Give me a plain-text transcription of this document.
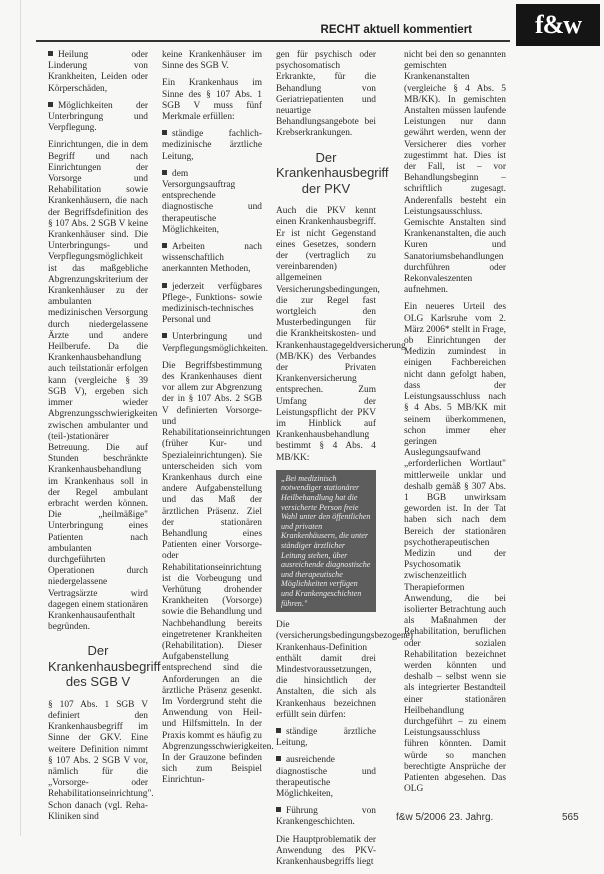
RECHT aktuell kommentiert	f&w

Heilung oder Linderung von Krankheiten, Leiden oder Körperschäden,

Möglichkeiten der Unterbringung und Verpflegung.

Einrichtungen, die in dem Begriff und nach Einrichtungen der Vorsorge und Rehabilitation sowie Krankenhäusern, die nach der Begriffsdefinition des § 107 Abs. 2 SGB V keine Krankenhäuser sind. Die Unterbringungs- und Verpflegungsmöglichkeit ist das maßgebliche Abgrenzungskriterium der Krankenhäuser zu der ambulanten medizinischen Versorgung durch niedergelassene Ärzte und andere Heilberufe. Da die Krankenhausbehandlung auch teilstationär erfolgen kann (vergleiche § 39 SGB V), ergeben sich immer wieder Abgrenzungsschwierigkeiten zwischen ambulanter und (teil-)stationärer Betreuung. Die auf Stunden beschränkte Krankenhausbehandlung im Krankenhaus soll in der Regel ambulant erbracht werden können. Die „heilmäßige" Unterbringung eines Patienten nach ambulanten durchgeführten Operationen durch niedergelassene Vertragsärzte wird dagegen einem stationären Krankenhausaufenthalt begründen.

Der Krankenhausbegriff des SGB V

§ 107 Abs. 1 SGB V definiert den Krankenhausbegriff im Sinne der GKV. Eine weitere Definition nimmt § 107 Abs. 2 SGB V vor, nämlich für die „Vorsorge- oder Rehabilitationseinrichtung". Schon danach (vgl. Reha-Kliniken sind

keine Krankenhäuser im Sinne des SGB V.

Ein Krankenhaus im Sinne des § 107 Abs. 1 SGB V muss fünf Merkmale erfüllen:

ständige fachlich-medizinische ärztliche Leitung,

dem Versorgungsauftrag entsprechende diagnostische und therapeutische Möglichkeiten,

Arbeiten nach wissenschaftlich anerkannten Methoden,

jederzeit verfügbares Pflege-, Funktions- sowie medizinisch-technisches Personal und

Unterbringung und Verpflegungsmöglichkeiten.

Die Begriffsbestimmung des Krankenhauses dient vor allem zur Abgrenzung der in § 107 Abs. 2 SGB V definierten Vorsorge- und Rehabilitationseinrichtungen (früher Kur- und Spezialeinrichtungen). Sie unterscheiden sich vom Krankenhaus durch eine andere Aufgabenstellung und das Maß der ärztlichen Präsenz. Ziel der stationären Behandlung eines Patienten einer Vorsorge- oder Rehabilitationseinrichtung ist die Vorbeugung und Verhütung drohender Krankheiten (Vorsorge) sowie die Behandlung und Nachbehandlung bereits eingetretener Krankheiten (Rehabilitation). Dieser Aufgabenstellung entsprechend sind die Anforderungen an die ärztliche Präsenz gesenkt. Im Vordergrund steht die Anwendung von Heil- und Hilfsmitteln. In der Praxis kommt es häufig zu Abgrenzungsschwierigkeiten. In der Grauzone befinden sich zum Beispiel Einrichtun-

gen für psychisch oder psychosomatisch Erkrankte, für die Behandlung von Geriatriepatienten und neuartige Behandlungsangebote bei Krebserkrankungen.

Der Krankenhausbegriff der PKV

Auch die PKV kennt einen Krankenhausbegriff. Er ist nicht Gegenstand eines Gesetzes, sondern der (vertraglich zu vereinbarenden) allgemeinen Versicherungsbedingungen, die zur Regel fast wortgleich den Musterbedingungen für die Krankheitskosten- und Krankenhaustagegeldversicherung (MB/KK) des Verbandes der Privaten Krankenversicherung entsprechen. Zum Umfang der Leistungspflicht der PKV im Hinblick auf Krankenhausbehandlung bestimmt § 4 Abs. 4 MB/KK:

„Bei medizinisch notwendiger stationärer Heilbehandlung hat die versicherte Person freie Wahl unter den öffentlichen und privaten Krankenhäusern, die unter ständiger ärztlicher Leitung stehen, über ausreichende diagnostische und therapeutische Möglichkeiten verfügen und Krankengeschichten führen."

Die (versicherungsbedingungsbezogene) Krankenhaus-Definition enthält damit drei Mindestvoraussetzungen, die hinsichtlich der Anstalten, die sich als Krankenhaus bezeichnen erfüllt sein dürfen:

ständige ärztliche Leitung,

ausreichende diagnostische und therapeutische Möglichkeiten,

Führung von Krankengeschichten.

Die Hauptproblematik der Anwendung des PKV-Krankenhausbegriffs liegt

nicht bei den so genannten gemischten Krankenanstalten (vergleiche § 4 Abs. 5 MB/KK). In gemischten Anstalten müssen laufende Leistungen nur dann gewährt werden, wenn der Versicherer dies vorher zugestimmt hat. Dies ist der Fall, ist – vor Behandlungsbeginn – schriftlich zugesagt. Anderenfalls besteht ein Leistungsausschluss. Gemischte Anstalten sind Krankenanstalten, die auch Kuren und Sanatoriumsbehandlungen durchführen oder Rekonvaleszenten aufnehmen.

Ein neueres Urteil des OLG Karlsruhe vom 2. März 2006* stellt in Frage, ob Einrichtungen der Medizin zumindest in einigen Fachbereichen nicht dann gefolgt haben, dass der Leistungsausschluss nach § 4 Abs. 5 MB/KK mit seinem überkommenen, schon immer eher geringen Auslegungsaufwand „erforderlichen Wortlaut" mittlerweile unklar und deshalb gemäß § 307 Abs. 1 BGB unwirksam geworden ist. In der Tat haben sich nach dem Bereich der stationären psychotherapeutischen Medizin und der Psychosomatik zwischenzeitlich Therapieformen Anwendung, die bei isolierter Betrachtung auch als Maßnahmen der Rehabilitation, beruflichen oder sozialen Rehabilitation bezeichnet werden könnten und deshalb – selbst wenn sie als integrierter Bestandteil einer stationären Heilbehandlung durchgeführt – zu einem Leistungsausschluss führen könnten. Damit würde so manchen berechtigte Ansprüche der Patienten abgesehen. Das OLG

f&w 5/2006 23. Jahrg.	565
